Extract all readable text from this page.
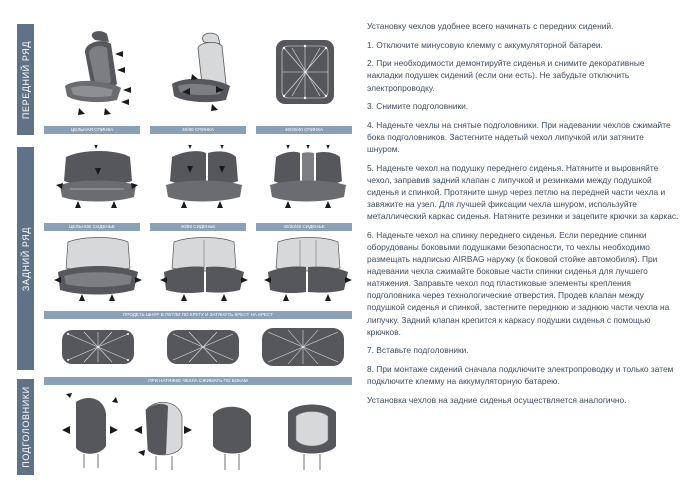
ПЕРЕДНИЙ РЯД
ЗАДНИЙ РЯД
ПОДГОЛОВНИКИ
ЦЕЛЬНАЯ СПИНКА	40/60 СПИНКА	40/20/40 СПИНКА
ЦЕЛЬНОЕ СИДЕНЬЕ	40/60 СИДЕНЬЕ	40/20/40 СИДЕНЬЕ
ПРОДЕТЬ ШНУР В ПЕТЛИ ПО КРУГУ И ЗАТЯНУТЬ КРЕСТ НА КРЕСТ
ПРИ НАТЯЖКЕ ЧЕХЛА СЖИМАТЬ ПО БОКАМ

Установку чехлов удобнее всего начинать с передних сидений.

1. Отключите минусовую клемму с аккумуляторной батареи.

2. При необходимости демонтируйте сиденья и снимите декоративные накладки подушек сидений (если они есть). Не забудьте отключить электропроводку.

3. Снимите подголовники.

4. Наденьте чехлы на снятые подголовники. При надевании чехлов сжимайте бока подголовников. Застегните надетый чехол липучкой или затяните шнуром.

5. Наденьте чехол на подушку переднего сиденья. Натяните и выровняйте чехол, заправив задний клапан с липучкой и резинками между подушкой сиденья и спинкой. Протяните шнур через петлю на передней части чехла и завяжите на узел. Для лучшей фиксации чехла шнуром, используйте металлический каркас сиденья. Натяните резинки и зацепите крючки за каркас.

6. Наденьте чехол на спинку переднего сиденья. Если передние спинки оборудованы боковыми подушками безопасности, то чехлы необходимо размещать надписью AIRBAG наружу (к боковой стойке автомобиля). При надевании чехла сжимайте боковые части спинки сиденья для лучшего натяжения. Заправьте чехол под пластиковые элементы крепления подголовника через технологические отверстия. Продев клапан между подушкой сиденья и спинкой, застегните переднюю и заднюю части чехла на липучку. Задний клапан крепится к каркасу подушки сиденья с помощью крючков.

7. Вставьте подголовники.

8. При монтаже сидений сначала подключите электропроводку и только затем подключите клемму на аккумуляторную батарею.

Установка чехлов на задние сиденья осуществляется аналогично.
